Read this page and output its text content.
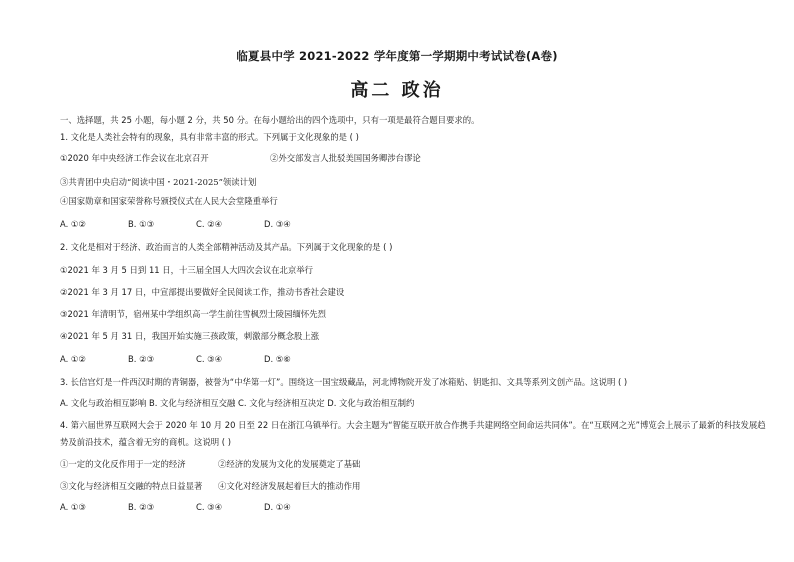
临夏县中学 2021-2022 学年度第一学期期中考试试卷(A卷)
高二 政治
一、选择题，共 25 小题，每小题 2 分，共 50 分。在每小题给出的四个选项中，只有一项是最符合题目要求的。
1. 文化是人类社会特有的现象，具有非常丰富的形式。下列属于文化现象的是 ( )
①2020 年中央经济工作会议在北京召开	②外交部发言人批驳美国国务卿涉台谬论
③共青团中央启动“阅读中国・2021-2025”领读计划
④国家勋章和国家荣誉称号颁授仪式在人民大会堂隆重举行
A. ①②	B. ①③	C. ②④	D. ③④
2. 文化是相对于经济、政治而言的人类全部精神活动及其产品。下列属于文化现象的是 ( )
①2021 年 3 月 5 日到 11 日，十三届全国人大四次会议在北京举行
②2021 年 3 月 17 日，中宣部提出要做好全民阅读工作，推动书香社会建设
③2021 年清明节，宿州某中学组织高一学生前往雪枫烈士陵园缅怀先烈
④2021 年 5 月 31 日，我国开始实施三孩政策，刺激部分概念股上涨
A. ①②	B. ②③	C. ③④	D. ⑤⑥
3. 长信宫灯是一件西汉时期的青铜器，被誉为“中华第一灯”。围绕这一国宝级藏品，河北博物院开发了冰箱贴、钥匙扣、文具等系列文创产品。这说明 ( )
A. 文化与政治相互影响 B. 文化与经济相互交融 C. 文化与经济相互决定 D. 文化与政治相互制约
4. 第六届世界互联网大会于 2020 年 10 月 20 日至 22 日在浙江乌镇举行。大会主题为“智能互联开放合作携手共建网络空间命运共同体”。在“互联网之光”博览会上展示了最新的科技发展趋
势及前沿技术，蕴含着无穷的商机。这说明 ( )
①一定的文化反作用于一定的经济	②经济的发展为文化的发展奠定了基础
③文化与经济相互交融的特点日益显著 ④文化对经济发展起着巨大的推动作用
A. ①③	B. ②③	C. ③④	D. ①④
